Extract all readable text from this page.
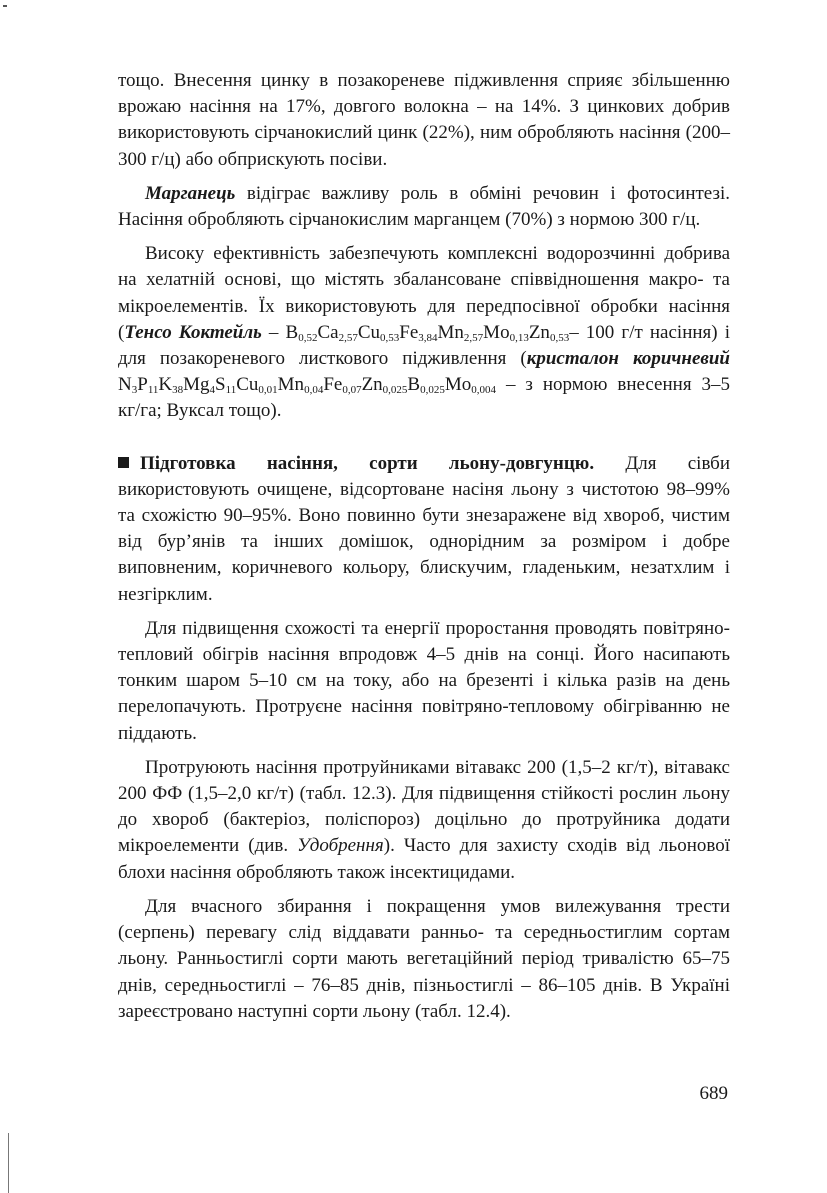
тощо. Внесення цинку в позакореневе підживлення сприяє збільшенню врожаю насіння на 17%, довгого волокна – на 14%. З цинкових добрив використовують сірчанокислий цинк (22%), ним обробляють насіння (200–300 г/ц) або обприскують посіви.

Марганець відіграє важливу роль в обміні речовин і фотосинтезі. Насіння обробляють сірчанокислим марганцем (70%) з нормою 300 г/ц.

Високу ефективність забезпечують комплексні водорозчинні добрива на хелатній основі, що містять збалансоване співвідношення макро- та мікроелементів. Їх використовують для передпосівної обробки насіння (Тенсо Коктейль – $B_{0,52}Ca_{2,57}Cu_{0,53}Fe_{3,84}Mn_{2,57}Mo_{0,13}Zn_{0,53}-$ 100 г/т насіння) і для позакореневого листкового підживлення (кристалон коричневий $N_3P_{11}K_{38}Mg_4S_{11}Cu_{0,01}Mn_{0,04}Fe_{0,07}Zn_{0,025}B_{0,025}Mo_{0,004}$ – з нормою внесення 3–5 кг/га; Вуксал тощо).

Підготовка насіння, сорти льону-довгунцю. Для сівби використовують очищене, відсортоване насіня льону з чистотою 98–99% та схожістю 90–95%. Воно повинно бути знезаражене від хвороб, чистим від бур’янів та інших домішок, однорідним за розміром і добре виповненим, коричневого кольору, блискучим, гладеньким, незатхлим і незгірклим.

Для підвищення схожості та енергії проростання проводять повітряно-тепловий обігрів насіння впродовж 4–5 днів на сонці. Його насипають тонким шаром 5–10 см на току, або на брезенті і кілька разів на день перелопачують. Протруєне насіння повітряно-тепловому обігріванню не піддають.

Протруюють насіння протруйниками вітавакс 200 (1,5–2 кг/т), вітавакс 200 ФФ (1,5–2,0 кг/т) (табл. 12.3). Для підвищення стійкості рослин льону до хвороб (бактеріоз, поліспороз) доцільно до протруйника додати мікроелементи (див. Удобрення). Часто для захисту сходів від льонової блохи насіння обробляють також інсектицидами.

Для вчасного збирання і покращення умов вилежування трести (серпень) перевагу слід віддавати ранньо- та середньостиглим сортам льону. Ранньостиглі сорти мають вегетаційний період тривалістю 65–75 днів, середньостиглі – 76–85 днів, пізньостиглі – 86–105 днів. В Україні зареєстровано наступні сорти льону (табл. 12.4).

689
